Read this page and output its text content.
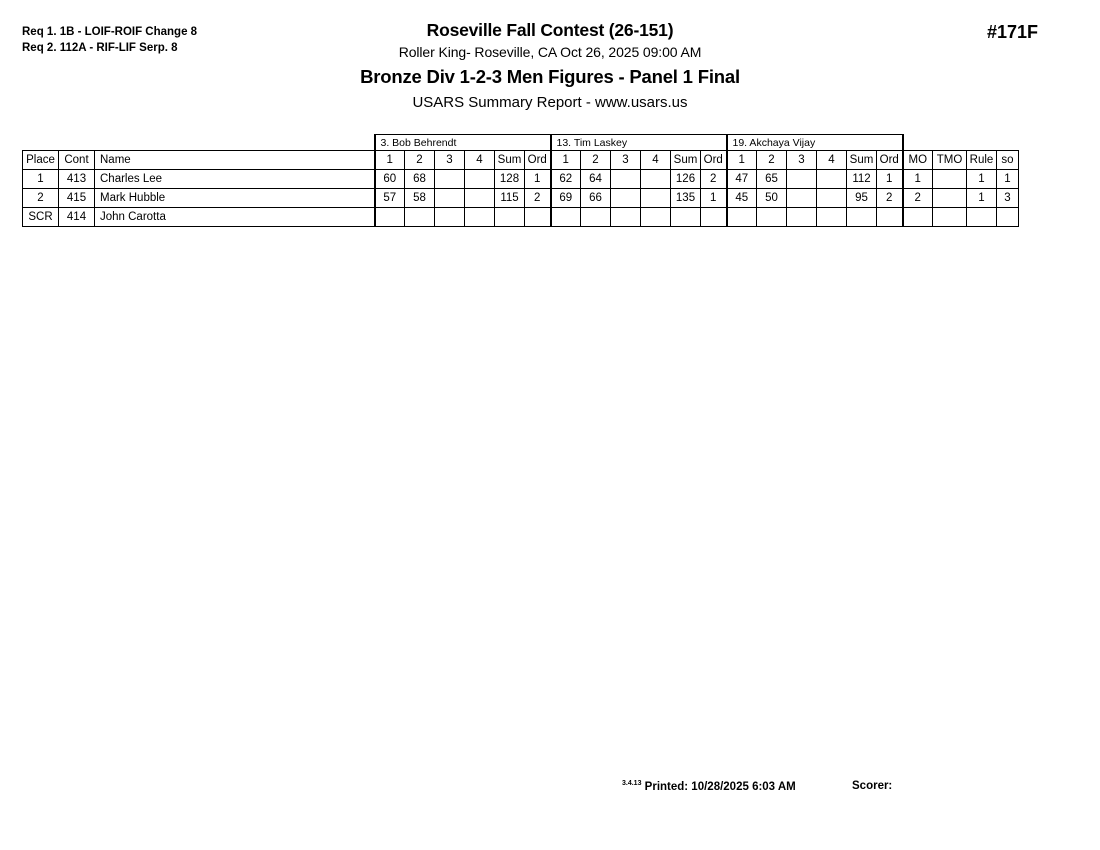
Req 1. 1B - LOIF-ROIF Change 8
Req 2. 112A - RIF-LIF Serp. 8
Roseville Fall Contest (26-151)
Roller King- Roseville, CA Oct 26, 2025 09:00 AM
Bronze Div 1-2-3 Men Figures - Panel 1 Final
USARS Summary Report - www.usars.us
#171F
			3. Bob Behrendt						13. Tim Laskey						19. Akchaya Vijay									
Place	Cont	Name	1	2	3	4	Sum	Ord	1	2	3	4	Sum	Ord	1	2	3	4	Sum	Ord	MO	TMO	Rule	so
1	413	Charles Lee	60	68			128	1	62	64			126	2	47	65			112	1	1		1	1
2	415	Mark Hubble	57	58			115	2	69	66			135	1	45	50			95	2	2		1	3
SCR	414	John Carotta																						
$^{3.4.13}$ Printed: 10/28/2025 6:03 AM	Scorer:
